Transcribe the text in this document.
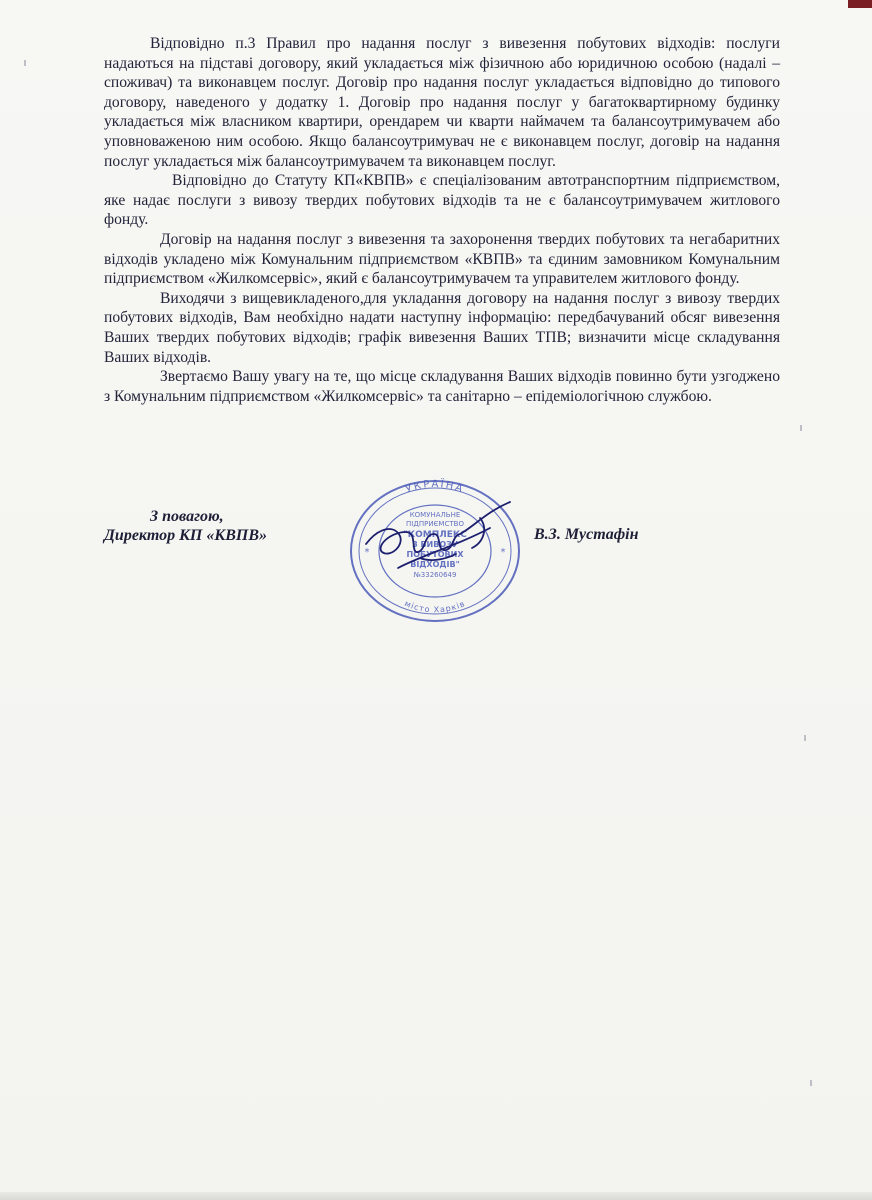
Відповідно п.3 Правил про надання послуг з вивезення побутових відходів: послуги надаються на підставі договору, який укладається між фізичною або юридичною особою (надалі – споживач) та виконавцем послуг. Договір про надання послуг укладається відповідно до типового договору, наведеного у додатку 1. Договір про надання послуг у багатоквартирному будинку укладається між власником квартири, орендарем чи кварти наймачем та балансоутримувачем або уповноваженою ним особою. Якщо балансоутримувач не є виконавцем послуг, договір на надання послуг укладається між балансоутримувачем та виконавцем послуг.

Відповідно до Статуту КП«КВПВ» є спеціалізованим автотранспортним підприємством, яке надає послуги з вивозу твердих побутових відходів та не є балансоутримувачем житлового фонду.

Договір на надання послуг з вивезення та захоронення твердих побутових та негабаритних відходів укладено між Комунальним підприємством «КВПВ» та єдиним замовником Комунальним підприємством «Жилкомсервіс», який є балансоутримувачем та управителем житлового фонду.

Виходячи з вищевикладеного,для укладання договору на надання послуг з вивозу твердих побутових відходів, Вам необхідно надати наступну інформацію: передбачуваний обсяг вивезення Ваших твердих побутових відходів; графік вивезення Ваших ТПВ; визначити місце складування Ваших відходів.

Звертаємо Вашу увагу на те, що місце складування Ваших відходів повинно бути узгоджено з Комунальним підприємством «Жилкомсервіс» та санітарно – епідеміологічною службою.

УКРАЇНА
місто Харків
КОМУНАЛЬНЕ
ПІДПРИЄМСТВО
"КОМПЛЕКС
З ВИВОЗУ
ПОБУТОВИХ
ВІДХОДІВ"
№33260649
*	*
З повагою,
Директор КП «КВПВ»	В.З. Мустафін
